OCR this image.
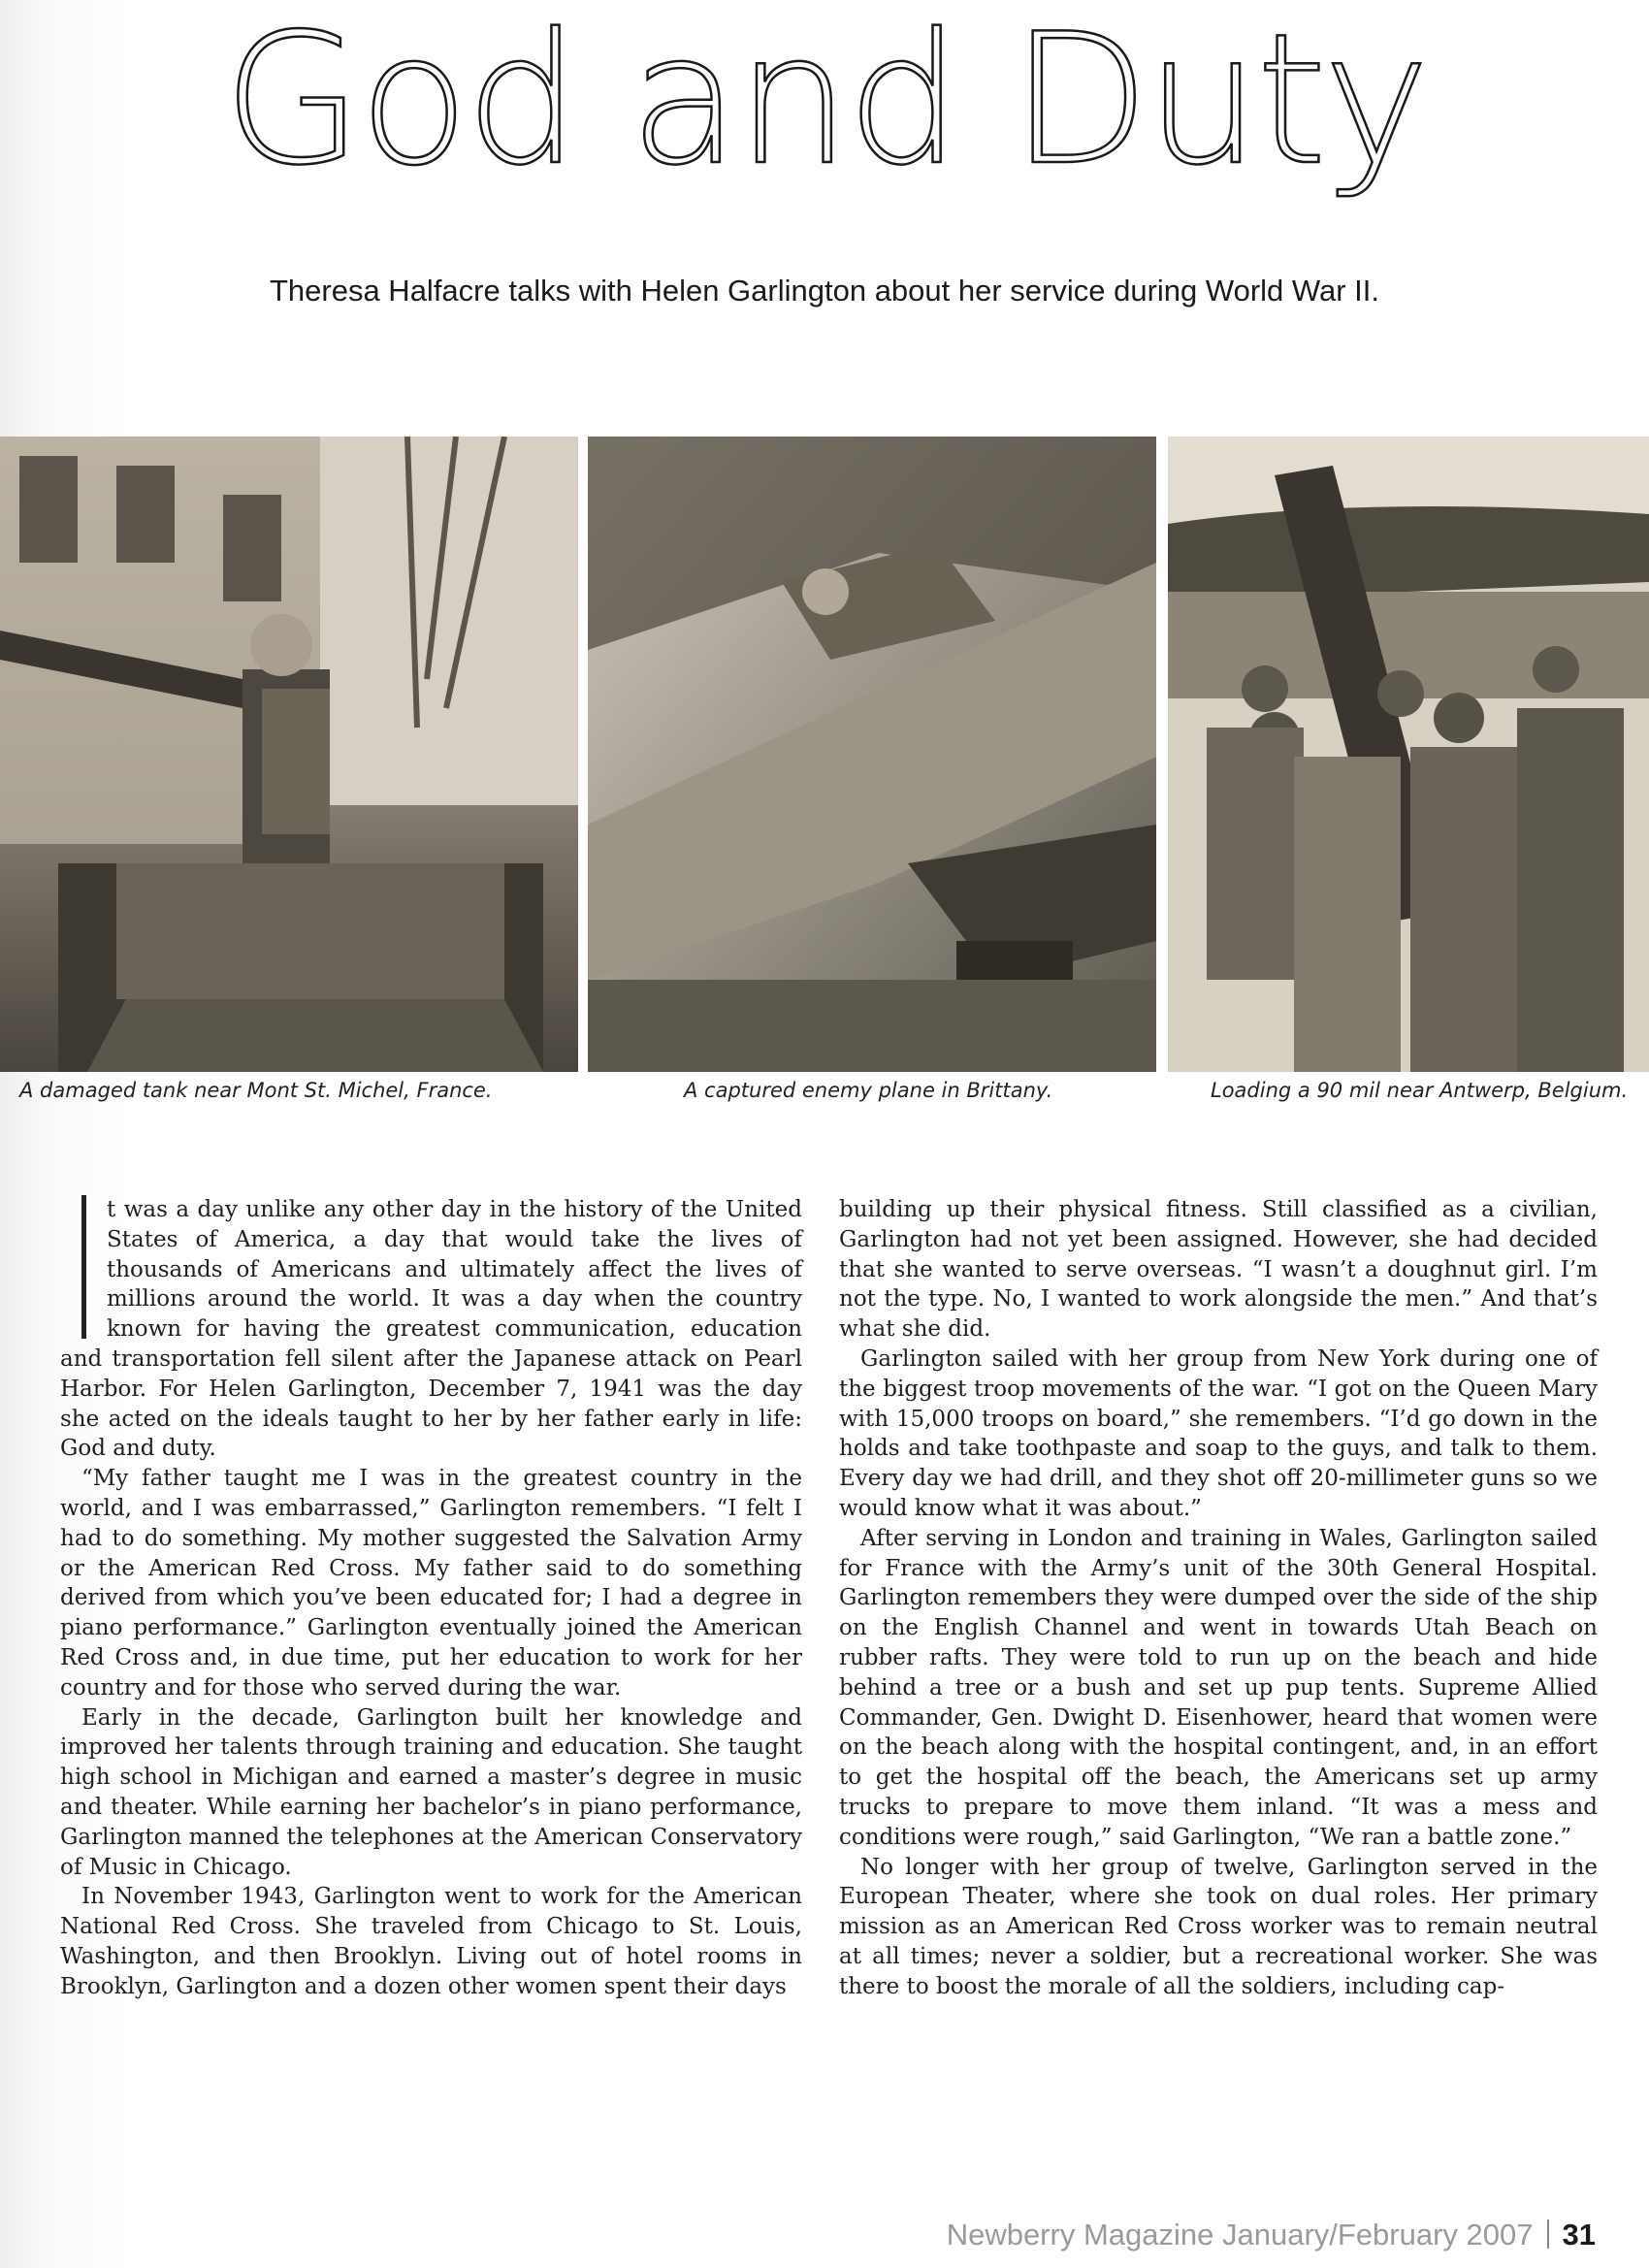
God and Duty
Theresa Halfacre talks with Helen Garlington about her service during World War II.
A damaged tank near Mont St. Michel, France.	A captured enemy plane in Brittany.	Loading a 90 mil near Antwerp, Belgium.

t was a day unlike any other day in the history of the United States of America, a day that would take the lives of thousands of Americans and ultimately affect the lives of millions around the world. It was a day when the country known for having the greatest communication, education and transportation fell silent after the Japanese attack on Pearl Harbor. For Helen Garlington, December 7, 1941 was the day she acted on the ideals taught to her by her father early in life: God and duty.

“My father taught me I was in the greatest country in the world, and I was embarrassed,” Garlington remembers. “I felt I had to do something. My mother suggested the Salvation Army or the American Red Cross. My father said to do something derived from which you’ve been educated for; I had a degree in piano performance.” Garlington eventually joined the American Red Cross and, in due time, put her education to work for her country and for those who served during the war.

Early in the decade, Garlington built her knowledge and improved her talents through training and education. She taught high school in Michigan and earned a master’s degree in music and theater. While earning her bachelor’s in piano performance, Garlington manned the telephones at the American Conservatory of Music in Chicago.

In November 1943, Garlington went to work for the American National Red Cross. She traveled from Chicago to St. Louis, Washington, and then Brooklyn. Living out of hotel rooms in Brooklyn, Garlington and a dozen other women spent their days

building up their physical fitness. Still classified as a civilian, Garlington had not yet been assigned. However, she had decided that she wanted to serve overseas. “I wasn’t a doughnut girl. I’m not the type. No, I wanted to work alongside the men.” And that’s what she did.

Garlington sailed with her group from New York during one of the biggest troop movements of the war. “I got on the Queen Mary with 15,000 troops on board,” she remembers. “I’d go down in the holds and take toothpaste and soap to the guys, and talk to them. Every day we had drill, and they shot off 20-millimeter guns so we would know what it was about.”

After serving in London and training in Wales, Garlington sailed for France with the Army’s unit of the 30th General Hospital. Garlington remembers they were dumped over the side of the ship on the English Channel and went in towards Utah Beach on rubber rafts. They were told to run up on the beach and hide behind a tree or a bush and set up pup tents. Supreme Allied Commander, Gen. Dwight D. Eisenhower, heard that women were on the beach along with the hospital contingent, and, in an effort to get the hospital off the beach, the Americans set up army trucks to prepare to move them inland. “It was a mess and conditions were rough,” said Garlington, “We ran a battle zone.”

No longer with her group of twelve, Garlington served in the European Theater, where she took on dual roles. Her primary mission as an American Red Cross worker was to remain neutral at all times; never a soldier, but a recreational worker. She was there to boost the morale of all the soldiers, including cap-

Newberry Magazine January/February 2007 31
